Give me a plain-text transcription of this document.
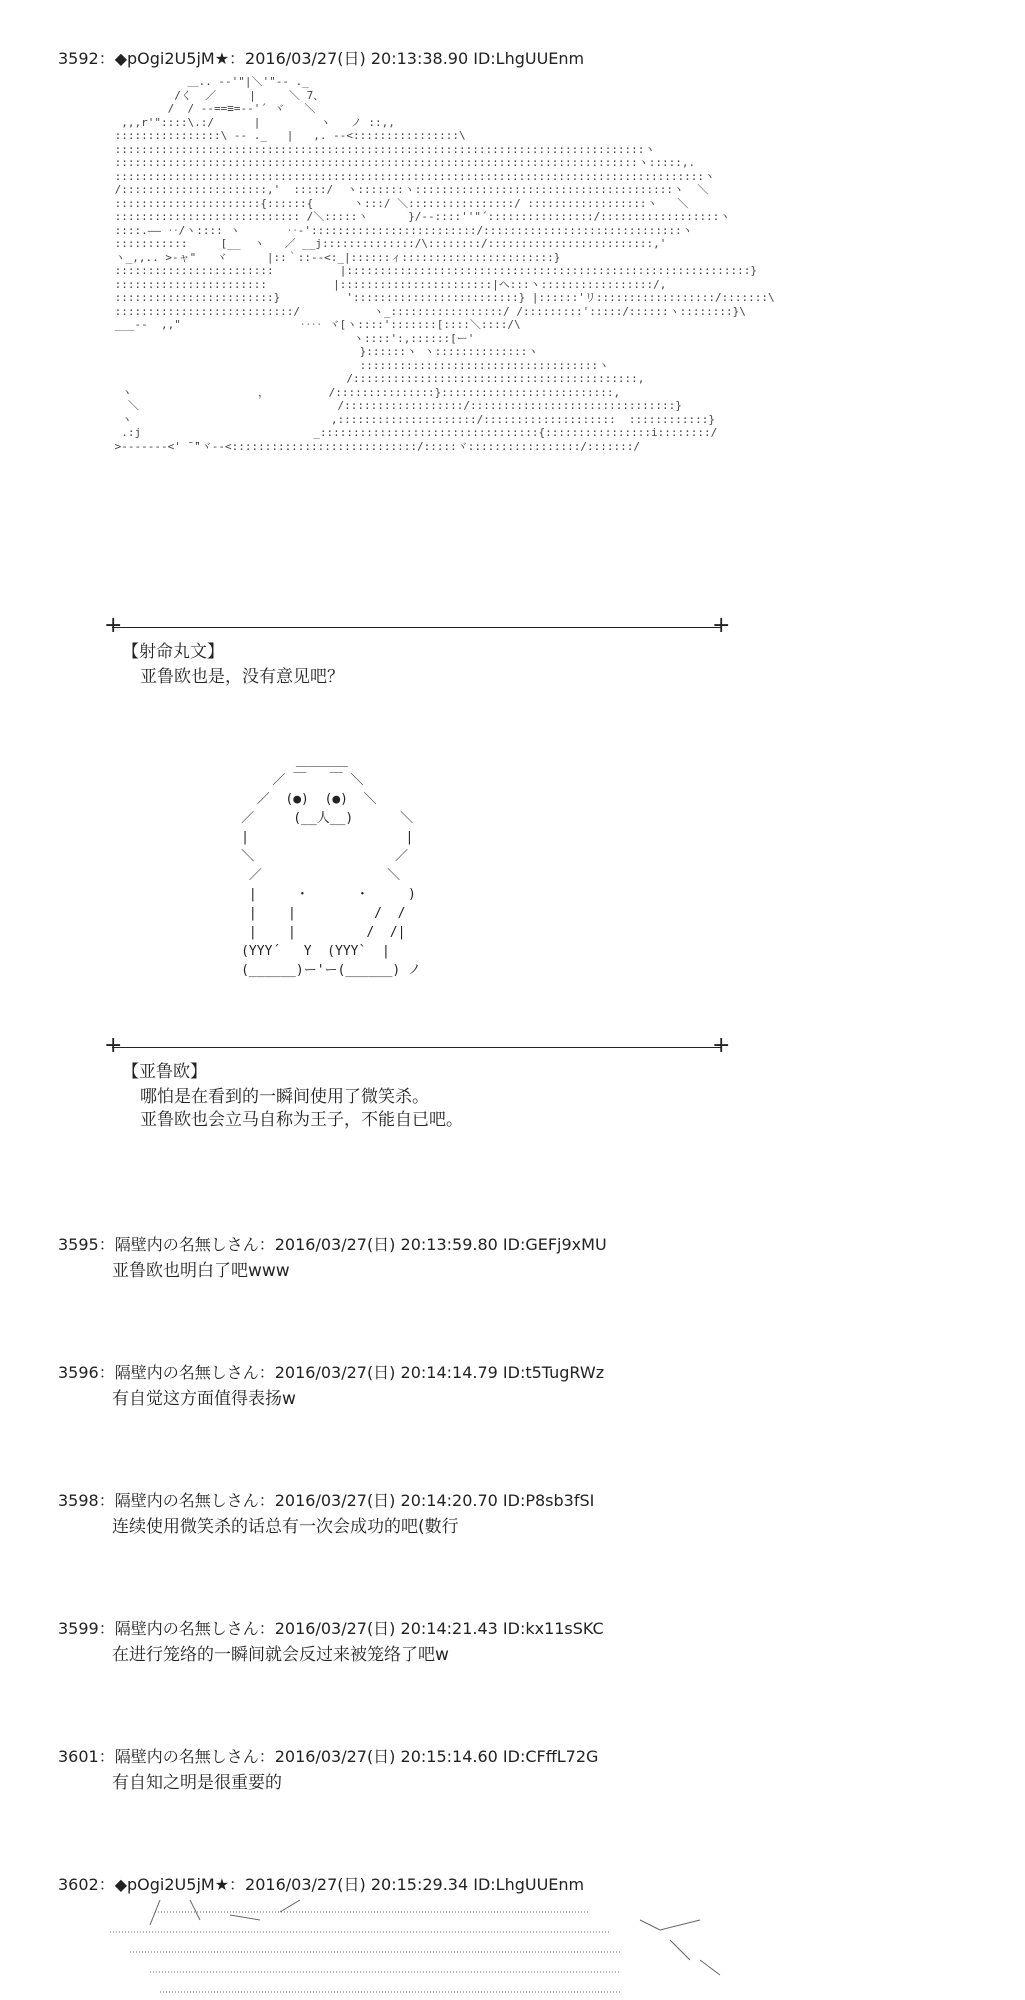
3592：◆pOgi2U5jM★：2016/03/27(日) 20:13:38.90 ID:LhgUUEnm
＿.. -‐'"|＼'"‐- ._
/く  ／     |     ＼ 7、
/  / ‐‐==≡=‐‐'´ ヾ   ＼
,,,r'"::::\.:/      |         ヽ   ノ ::,,
::::::::::::::::\ ‐- ._   |   ,. -‐<::::::::::::::::\
::::::::::::::::::::::::::::::::::::::::::::::::::::::::::::::::::::::::::::::::ヽ
:::::::::::::::::::::::::::::::::::::::::::::::::::::::::::::::::::::::::::::::ヽ:::::,.
:::::::::::::::::::::::::::::::::::::::::::::::::::::::::::::::::::::::::::::::::::::::::ヽ
/::::::::::::::::::::::,'  :::::/  ヽ:::::::ヽ:::::::::::::::::::::::::::::::::::::::ヽ  ＼
::::::::::::::::::::::{::::::{      ヽ:::/ ＼::::::::::::::::/ ::::::::::::::::::ヽ   ＼
:::::::::::::::::::::::::::: /＼:::::ヽ      }/--::::''"´::::::::::::::::/::::::::::::::::::ヽ
::::.―― ‥/ヽ:::: ヽ       ‥‐':::::::::::::::::::::::::/::::::::::::::::::::::::::::::ヽ
:::::::::::     [__  ヽ   ／ __j::::::::::::::/\::::::::/:::::::::::::::::::::::::,'
ヽ_,,.. >‐ャ"   ヾ      |::｀::‐‐<:_|::::::ィ:::::::::::::::::::::::}
::::::::::::::::::::::::          |:::::::::::::::::::::::::::::::::::::::::::::::::::::::::::::}
:::::::::::::::::::::::          |:::::::::::::::::::::::|ヘ:::ヽ:::::::::::::::::/,
::::::::::::::::::::::::}          ':::::::::::::::::::::::::} |::::::'リ::::::::::::::::::/:::::::\
:::::::::::::::::::::::::::/           ヽ_:::::::::::::::::/ /:::::::::':::::/::::::ヽ::::::::}\
___--  ,,"                  ‥‥ ヾ[ヽ::::':::::::[::::＼::::/\
ヽ::::':,::::::[ー'
}::::::ヽ ヽ::::::::::::::ヽ
::::::::::::::::::::::::::::::::::::ヽ
/:::::::::::::::::::::::::::::::::::::::::::,
ヽ                   ，         /:::::::::::::::}::::::::::::::::::::::::::,
＼                              /::::::::::::::::::/:::::::::::::::::::::::::::::::}
ヽ                              ,:::::::::::::::::::::/::::::::::::::::::::  ::::::::::::}
.:j                          _:::::::::::::::::::::::::::::::::{::::::::::::::::i::::::::/
>‐‐‐‐‐‐‐<' ̄ ̄"ヾ‐‐<::::::::::::::::::::::::::::/:::::ヾ:::::::::::::::::/:::::::/
+	+
【射命丸文】
亚鲁欧也是，没有意见吧？
＿＿＿＿
／ ￣   ￣ ＼
／  (●)  (●)  ＼
／     (__人__)      ＼
|                    |
＼                  ／
／                ＼
|     ・      ・     )
|    |          /  /
|    |         /  /|
(YYY´   Y  (YYY`  |
(______)ー'ー(______) ノ
+	+
【亚鲁欧】
哪怕是在看到的一瞬间使用了微笑杀。
亚鲁欧也会立马自称为王子，不能自已吧。
3595：隔壁内の名無しさん：2016/03/27(日) 20:13:59.80 ID:GEFj9xMU
亚鲁欧也明白了吧www
3596：隔壁内の名無しさん：2016/03/27(日) 20:14:14.79 ID:t5TugRWz
有自觉这方面值得表扬w
3598：隔壁内の名無しさん：2016/03/27(日) 20:14:20.70 ID:P8sb3fSI
连续使用微笑杀的话总有一次会成功的吧(數行
3599：隔壁内の名無しさん：2016/03/27(日) 20:14:21.43 ID:kx11sSKC
在进行笼络的一瞬间就会反过来被笼络了吧w
3601：隔壁内の名無しさん：2016/03/27(日) 20:15:14.60 ID:CFffL72G
有自知之明是很重要的
3602：◆pOgi2U5jM★：2016/03/27(日) 20:15:29.34 ID:LhgUUEnm
